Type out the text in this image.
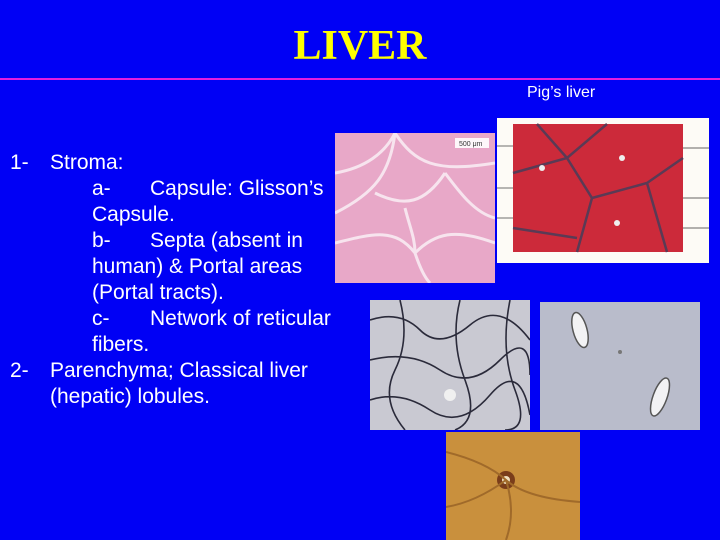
LIVER
Pig’s liver
500 μm
1- Stroma:
a- Capsule: Glisson’s
Capsule.
b- Septa (absent in
human) & Portal areas
(Portal tracts).
c- Network of reticular
fibers.
2- Parenchyma; Classical liver
(hepatic) lobules.
